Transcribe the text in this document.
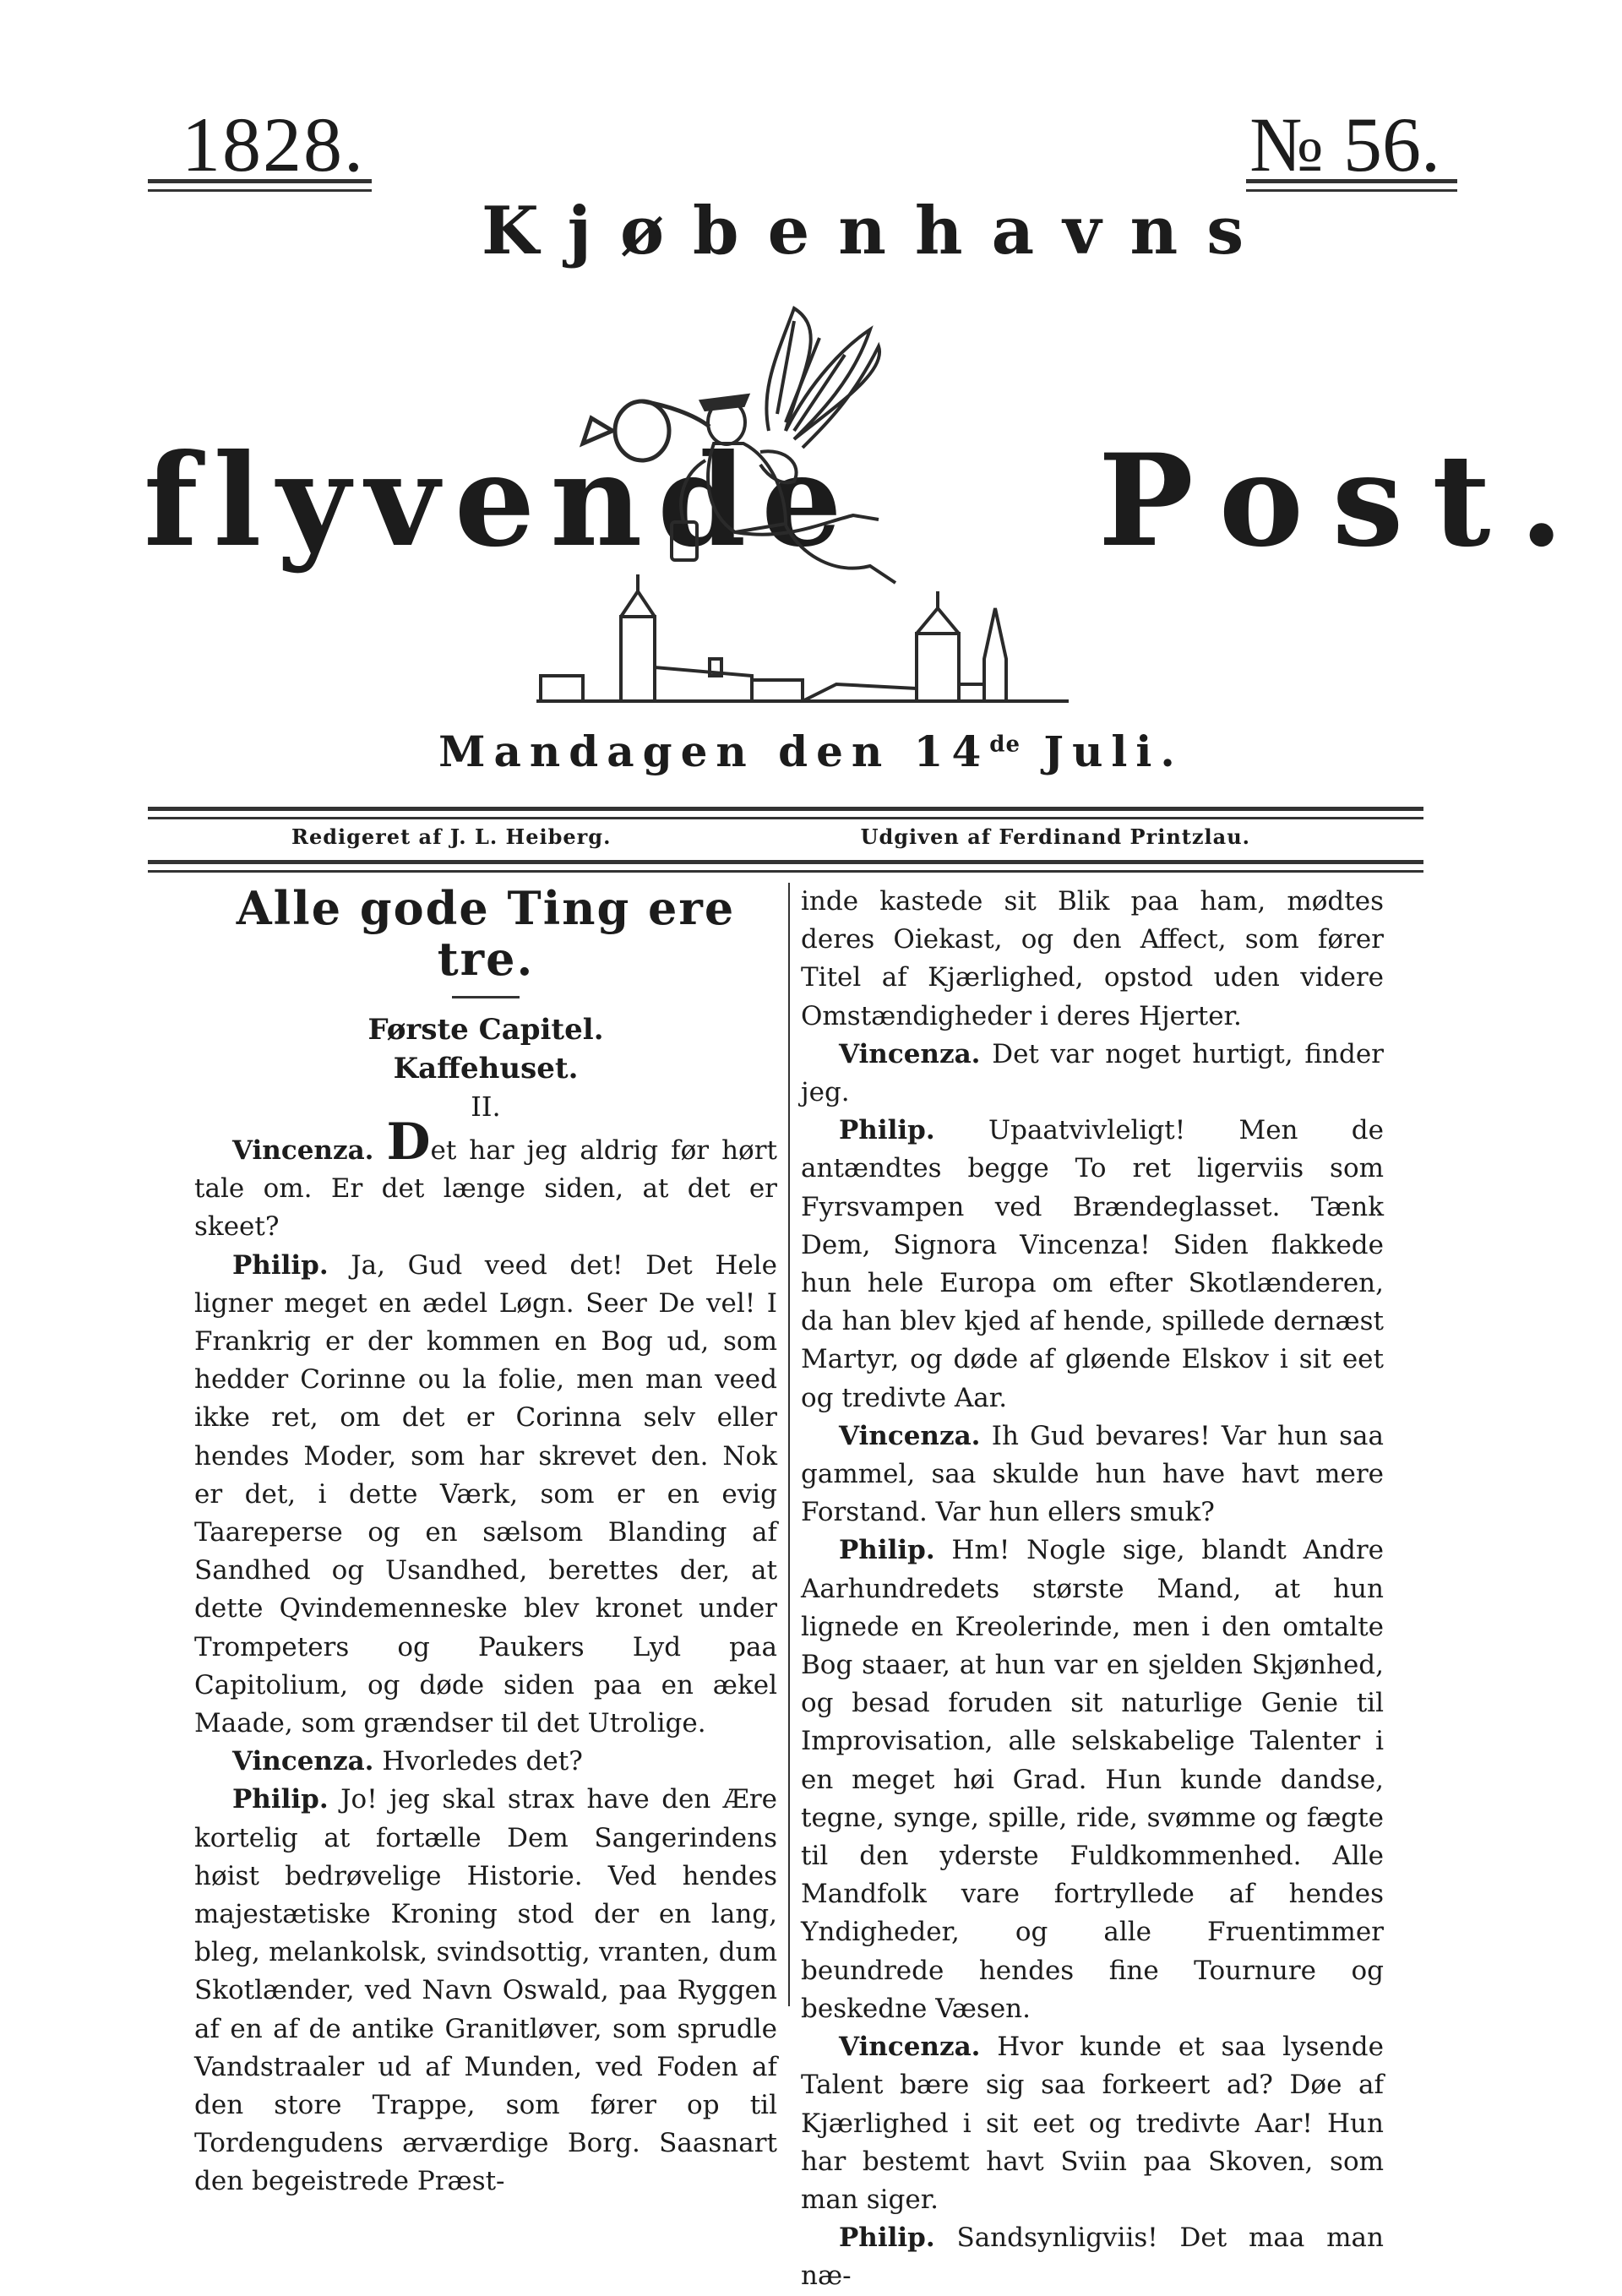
1828.	№ 56.
Kjøbenhavns
flyvende Post.
Mandagen den 14de Juli.
Redigeret af J. L. Heiberg.	Udgiven af Ferdinand Printzlau.
Alle gode Ting ere tre.

Første Capitel.

Kaffehuset.

II.

Vincenza. Det har jeg aldrig før hørt tale om. Er det længe siden, at det er skeet?

Philip. Ja, Gud veed det! Det Hele ligner meget en ædel Løgn. Seer De vel! I Frankrig er der kommen en Bog ud, som hedder Corinne ou la folie, men man veed ikke ret, om det er Corinna selv eller hendes Moder, som har skrevet den. Nok er det, i dette Værk, som er en evig Taareperse og en sælsom Blanding af Sandhed og Usandhed, berettes der, at dette Qvindemenneske blev kronet under Trompeters og Paukers Lyd paa Capitolium, og døde siden paa en ækel Maade, som grændser til det Utrolige.

Vincenza. Hvorledes det?

Philip. Jo! jeg skal strax have den Ære kortelig at fortælle Dem Sangerindens høist bedrøvelige Historie. Ved hendes majestætiske Kroning stod der en lang, bleg, melankolsk, svindsottig, vranten, dum Skotlænder, ved Navn Oswald, paa Ryggen af en af de antike Granitløver, som sprudle Vandstraaler ud af Munden, ved Foden af den store Trappe, som fører op til Tordengudens ærværdige Borg. Saasnart den begeistrede Præst-

inde kastede sit Blik paa ham, mødtes deres Oiekast, og den Affect, som fører Titel af Kjærlighed, opstod uden videre Omstændigheder i deres Hjerter.

Vincenza. Det var noget hurtigt, finder jeg.

Philip. Upaatvivleligt! Men de antændtes begge To ret ligerviis som Fyrsvampen ved Brændeglasset. Tænk Dem, Signora Vincenza! Siden flakkede hun hele Europa om efter Skotlænderen, da han blev kjed af hende, spillede dernæst Martyr, og døde af gløende Elskov i sit eet og tredivte Aar.

Vincenza. Ih Gud bevares! Var hun saa gammel, saa skulde hun have havt mere Forstand. Var hun ellers smuk?

Philip. Hm! Nogle sige, blandt Andre Aarhundredets største Mand, at hun lignede en Kreolerinde, men i den omtalte Bog staaer, at hun var en sjelden Skjønhed, og besad foruden sit naturlige Genie til Improvisation, alle selskabelige Talenter i en meget høi Grad. Hun kunde dandse, tegne, synge, spille, ride, svømme og fægte til den yderste Fuldkommenhed. Alle Mandfolk vare fortryllede af hendes Yndigheder, og alle Fruentimmer beundrede hendes fine Tournure og beskedne Væsen.

Vincenza. Hvor kunde et saa lysende Talent bære sig saa forkeert ad? Døe af Kjærlighed i sit eet og tredivte Aar! Hun har bestemt havt Sviin paa Skoven, som man siger.

Philip. Sandsynligviis! Det maa man næ-
